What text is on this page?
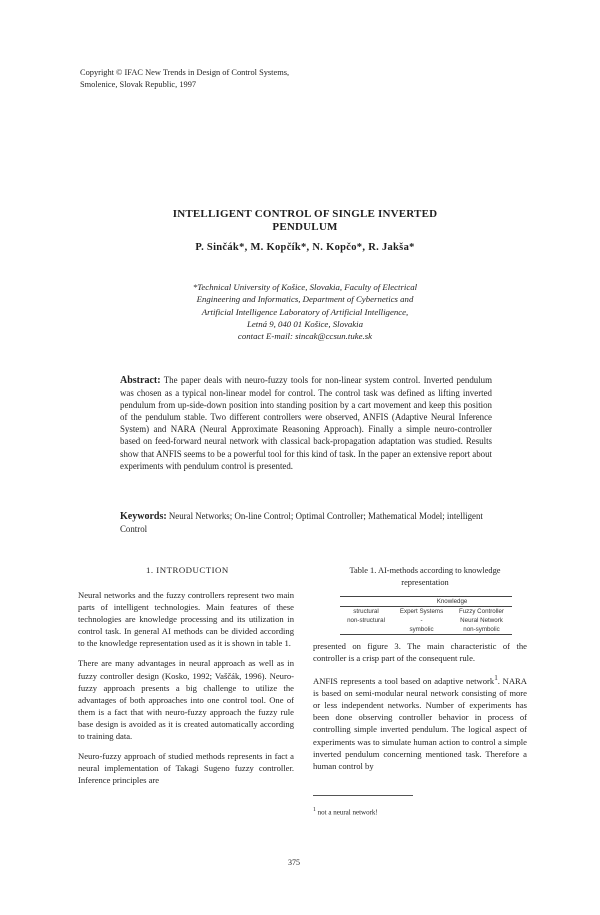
Copyright © IFAC New Trends in Design of Control Systems,
Smolenice, Slovak Republic, 1997
INTELLIGENT CONTROL OF SINGLE INVERTED
PENDULUM
P. Sinčák*, M. Kopčík*, N. Kopčo*, R. Jakša*
*Technical University of Košice, Slovakia, Faculty of Electrical
Engineering and Informatics, Department of Cybernetics and
Artificial Intelligence Laboratory of Artificial Intelligence,
Letná 9, 040 01 Košice, Slovakia
contact E-mail: sincak@ccsun.tuke.sk
Abstract: The paper deals with neuro-fuzzy tools for non-linear system control. Inverted pendulum was chosen as a typical non-linear model for control. The control task was defined as lifting inverted pendulum from up-side-down position into standing position by a cart movement and keep this position of the pendulum stable. Two different controllers were observed, ANFIS (Adaptive Neural Inference System) and NARA (Neural Approximate Reasoning Approach). Finally a simple neuro-controller based on feed-forward neural network with classical back-propagation adaptation was studied. Results show that ANFIS seems to be a powerful tool for this kind of task. In the paper an extensive report about experiments with pendulum control is presented.
Keywords: Neural Networks; On-line Control; Optimal Controller; Mathematical Model; intelligent Control
1. INTRODUCTION

Neural networks and the fuzzy controllers represent two main parts of intelligent technologies. Main features of these technologies are knowledge processing and its utilization in control task. In general AI methods can be divided according to the knowledge representation used as it is shown in table 1.

There are many advantages in neural approach as well as in fuzzy controller design (Kosko, 1992; Vaščák, 1996). Neuro-fuzzy approach presents a big challenge to utilize the advantages of both approaches into one control tool. One of them is a fact that with neuro-fuzzy approach the fuzzy rule base design is avoided as it is created automatically according to training data.

Neuro-fuzzy approach of studied methods represents in fact a neural implementation of Takagi Sugeno fuzzy controller. Inference principles are

Table 1. AI-methods according to knowledge representation
	Knowledge	
structural	Expert Systems	Fuzzy Controller
non-structural	-	Neural Network
	symbolic	non-symbolic

presented on figure 3. The main characteristic of the controller is a crisp part of the consequent rule.

ANFIS represents a tool based on adaptive network$^1$. NARA is based on semi-modular neural network consisting of more or less independent networks. Number of experiments has been done observing controller behavior in process of controlling simple inverted pendulum. The logical aspect of experiments was to simulate human action to control a simple inverted pendulum concerning mentioned task. Therefore a human control by

$^1$ not a neural network!
375
